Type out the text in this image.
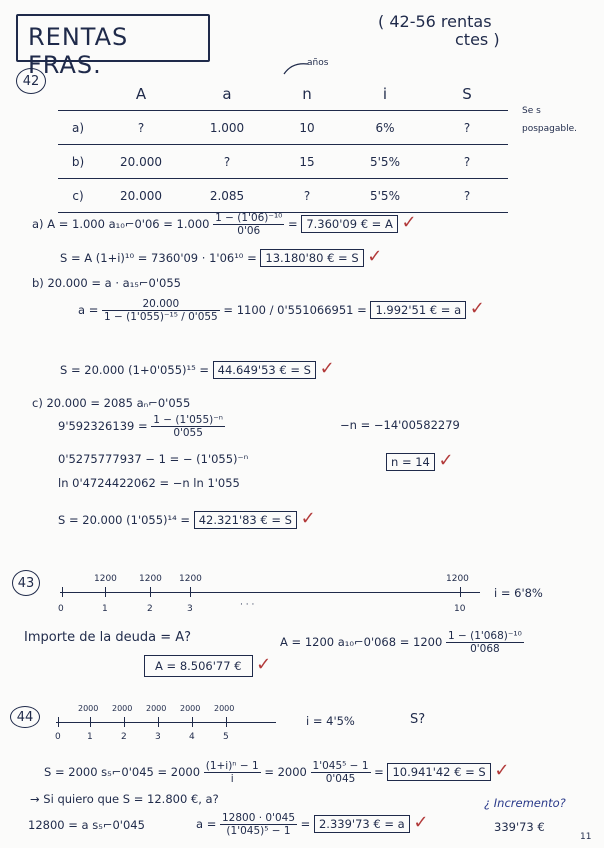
RENTAS FRAS.
( 42-56 rentas
ctes )
42
años
	A	a	n	i	S
a)	?	1.000	10	6%	?
b)	20.000	?	15	5'5%	?
c)	20.000	2.085	?	5'5%	?
Se s
pospagable.
a) A = 1.000 a₁₀⌐0'06 = $1.000 \frac{\text{1 − (1'06)⁻¹⁰}}{0'06} = 7.360'09$ € = A ✓
S = A (1+i)¹⁰ = 7360'09 · 1'06¹⁰ = 13.180'80 € = S ✓
b) 20.000 = a · a₁₅⌐0'055
$a = \frac{20.000}{\text{1 − (1'055)⁻¹⁵ / 0'055}} = 1100 / 0'551066951 = 1.992'51$ € = a ✓
S = 20.000 (1+0'055)¹⁵ = 44.649'53 € = S ✓
c) 20.000 = 2085 aₙ⌐0'055
$9'592326139 = \frac{\text{1 − (1'055)⁻ⁿ}}{0'055}$	−n = −14'00582279
0'5275777937 − 1 = − (1'055)⁻ⁿ	n = 14 ✓
ln 0'4724422062 = −n ln 1'055
S = 20.000 (1'055)¹⁴ = 42.321'83 € = S ✓
43	1200 1200 1200	1200
0	1	2	3	· · ·	10
i = 6'8%
Importe de la deuda = A?	A = 1200 a₁₀⌐0'068 = $1200 \frac{\text{1 − (1'068)⁻¹⁰}}{0'068}$
A = 8.506'77 € ✓
44
2000 2000 2000 2000 2000
0	1	2	3	4	5
i = 4'5%	S?
S = 2000 s₅⌐0'045 = $2000 \frac{\text{(1+i)ⁿ − 1}}{i} = 2000 \frac{\text{1'045⁵ − 1}}{0'045} = 10.941'42$ € = S ✓
→ Si quiero que S = 12.800 €, a?	¿ Incremento?
12800 = a s₅⌐0'045	$a = \frac{12800 \cdot 0'045}{\text{(1'045)⁵ − 1}} = 2.339'73$ € = a ✓	339'73 €
11
